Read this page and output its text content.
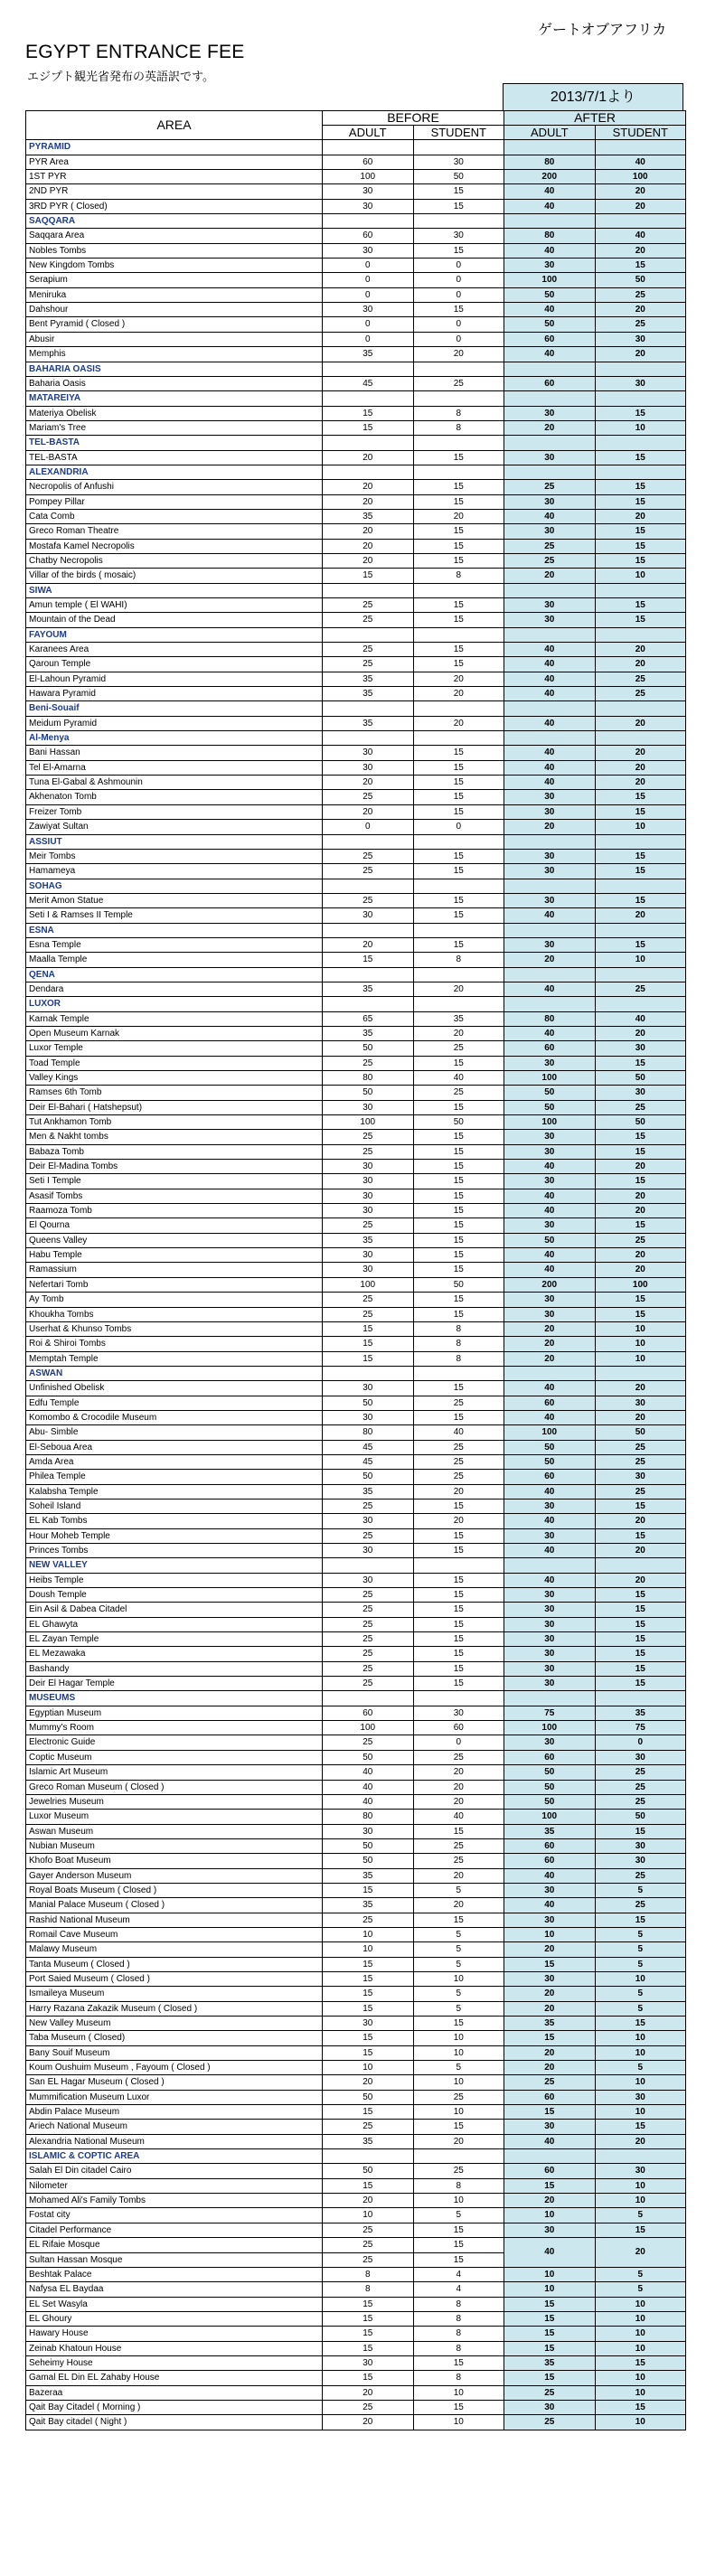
ゲートオブアフリカ
EGYPT ENTRANCE FEE
エジプト観光省発布の英語訳です。
2013/7/1より
AREA	BEFORE		AFTER	
	ADULT	STUDENT	ADULT	STUDENT
PYRAMID				
PYR Area	60	30	80	40
1ST PYR	100	50	200	100
2ND PYR	30	15	40	20
3RD PYR ( Closed)	30	15	40	20
SAQQARA				
Saqqara Area	60	30	80	40
Nobles Tombs	30	15	40	20
New Kingdom Tombs	0	0	30	15
Serapium	0	0	100	50
Meniruka	0	0	50	25
Dahshour	30	15	40	20
Bent Pyramid ( Closed )	0	0	50	25
Abusir	0	0	60	30
Memphis	35	20	40	20
BAHARIA OASIS				
Baharia Oasis	45	25	60	30
MATAREIYA				
Materiya Obelisk	15	8	30	15
Mariam's Tree	15	8	20	10
TEL-BASTA				
TEL-BASTA	20	15	30	15
ALEXANDRIA				
Necropolis of Anfushi	20	15	25	15
Pompey Pillar	20	15	30	15
Cata Comb	35	20	40	20
Greco Roman Theatre	20	15	30	15
Mostafa Kamel Necropolis	20	15	25	15
Chatby Necropolis	20	15	25	15
Villar of the birds ( mosaic)	15	8	20	10
SIWA				
Amun temple ( El WAHI)	25	15	30	15
Mountain of the Dead	25	15	30	15
FAYOUM				
Karanees Area	25	15	40	20
Qaroun Temple	25	15	40	20
El-Lahoun Pyramid	35	20	40	25
Hawara Pyramid	35	20	40	25
Beni-Souaif				
Meidum Pyramid	35	20	40	20
Al-Menya				
Bani Hassan	30	15	40	20
Tel El-Amarna	30	15	40	20
Tuna El-Gabal & Ashmounin	20	15	40	20
Akhenaton Tomb	25	15	30	15
Freizer Tomb	20	15	30	15
Zawiyat Sultan	0	0	20	10
ASSIUT				
Meir Tombs	25	15	30	15
Hamameya	25	15	30	15
SOHAG				
Merit Amon Statue	25	15	30	15
Seti I & Ramses II Temple	30	15	40	20
ESNA				
Esna Temple	20	15	30	15
Maalla Temple	15	8	20	10
QENA				
Dendara	35	20	40	25
LUXOR				
Karnak Temple	65	35	80	40
Open Museum Karnak	35	20	40	20
Luxor Temple	50	25	60	30
Toad Temple	25	15	30	15
Valley Kings	80	40	100	50
Ramses 6th Tomb	50	25	50	30
Deir El-Bahari ( Hatshepsut)	30	15	50	25
Tut Ankhamon Tomb	100	50	100	50
Men & Nakht tombs	25	15	30	15
Babaza Tomb	25	15	30	15
Deir El-Madina Tombs	30	15	40	20
Seti I Temple	30	15	30	15
Asasif Tombs	30	15	40	20
Raamoza Tomb	30	15	40	20
El Qourna	25	15	30	15
Queens Valley	35	15	50	25
Habu Temple	30	15	40	20
Ramassium	30	15	40	20
Nefertari Tomb	100	50	200	100
Ay Tomb	25	15	30	15
Khoukha Tombs	25	15	30	15
Userhat & Khunso Tombs	15	8	20	10
Roi & Shiroi Tombs	15	8	20	10
Memptah Temple	15	8	20	10
ASWAN				
Unfinished Obelisk	30	15	40	20
Edfu Temple	50	25	60	30
Komombo & Crocodile Museum	30	15	40	20
Abu- Simble	80	40	100	50
El-Seboua Area	45	25	50	25
Amda Area	45	25	50	25
Philea Temple	50	25	60	30
Kalabsha Temple	35	20	40	25
Soheil Island	25	15	30	15
EL Kab Tombs	30	20	40	20
Hour Moheb Temple	25	15	30	15
Princes Tombs	30	15	40	20
NEW VALLEY				
Heibs Temple	30	15	40	20
Doush Temple	25	15	30	15
Ein Asil & Dabea Citadel	25	15	30	15
EL Ghawyta	25	15	30	15
EL Zayan Temple	25	15	30	15
EL Mezawaka	25	15	30	15
Bashandy	25	15	30	15
Deir El Hagar Temple	25	15	30	15
MUSEUMS				
Egyptian Museum	60	30	75	35
Mummy's Room	100	60	100	75
Electronic Guide	25	0	30	0
Coptic Museum	50	25	60	30
Islamic Art Museum	40	20	50	25
Greco Roman Museum ( Closed )	40	20	50	25
Jewelries Museum	40	20	50	25
Luxor Museum	80	40	100	50
Aswan Museum	30	15	35	15
Nubian Museum	50	25	60	30
Khofo Boat Museum	50	25	60	30
Gayer Anderson Museum	35	20	40	25
Royal Boats Museum ( Closed )	15	5	30	5
Manial Palace Museum ( Closed )	35	20	40	25
Rashid National Museum	25	15	30	15
Romail Cave Museum	10	5	10	5
Malawy Museum	10	5	20	5
Tanta Museum ( Closed )	15	5	15	5
Port Saied Museum ( Closed )	15	10	30	10
Ismaileya Museum	15	5	20	5
Harry Razana Zakazik Museum ( Closed )	15	5	20	5
New Valley Museum	30	15	35	15
Taba Museum ( Closed)	15	10	15	10
Bany Souif Museum	15	10	20	10
Koum Oushuim Museum , Fayoum ( Closed )	10	5	20	5
San EL Hagar Museum ( Closed )	20	10	25	10
Mummification Museum Luxor	50	25	60	30
Abdin Palace Museum	15	10	15	10
Ariech National Museum	25	15	30	15
Alexandria National Museum	35	20	40	20
ISLAMIC & COPTIC AREA				
Salah El Din citadel Cairo	50	25	60	30
Nilometer	15	8	15	10
Mohamed Ali's Family Tombs	20	10	20	10
Fostat city	10	5	10	5
Citadel Performance	25	15	30	15
EL Rifaie Mosque	25	15	40	20
Sultan Hassan Mosque	25	15		
Beshtak Palace	8	4	10	5
Nafysa EL Baydaa	8	4	10	5
EL Set Wasyla	15	8	15	10
EL Ghoury	15	8	15	10
Hawary House	15	8	15	10
Zeinab Khatoun House	15	8	15	10
Seheimy House	30	15	35	15
Gamal EL Din EL Zahaby House	15	8	15	10
Bazeraa	20	10	25	10
Qait Bay Citadel ( Morning )	25	15	30	15
Qait Bay citadel ( Night )	20	10	25	10
